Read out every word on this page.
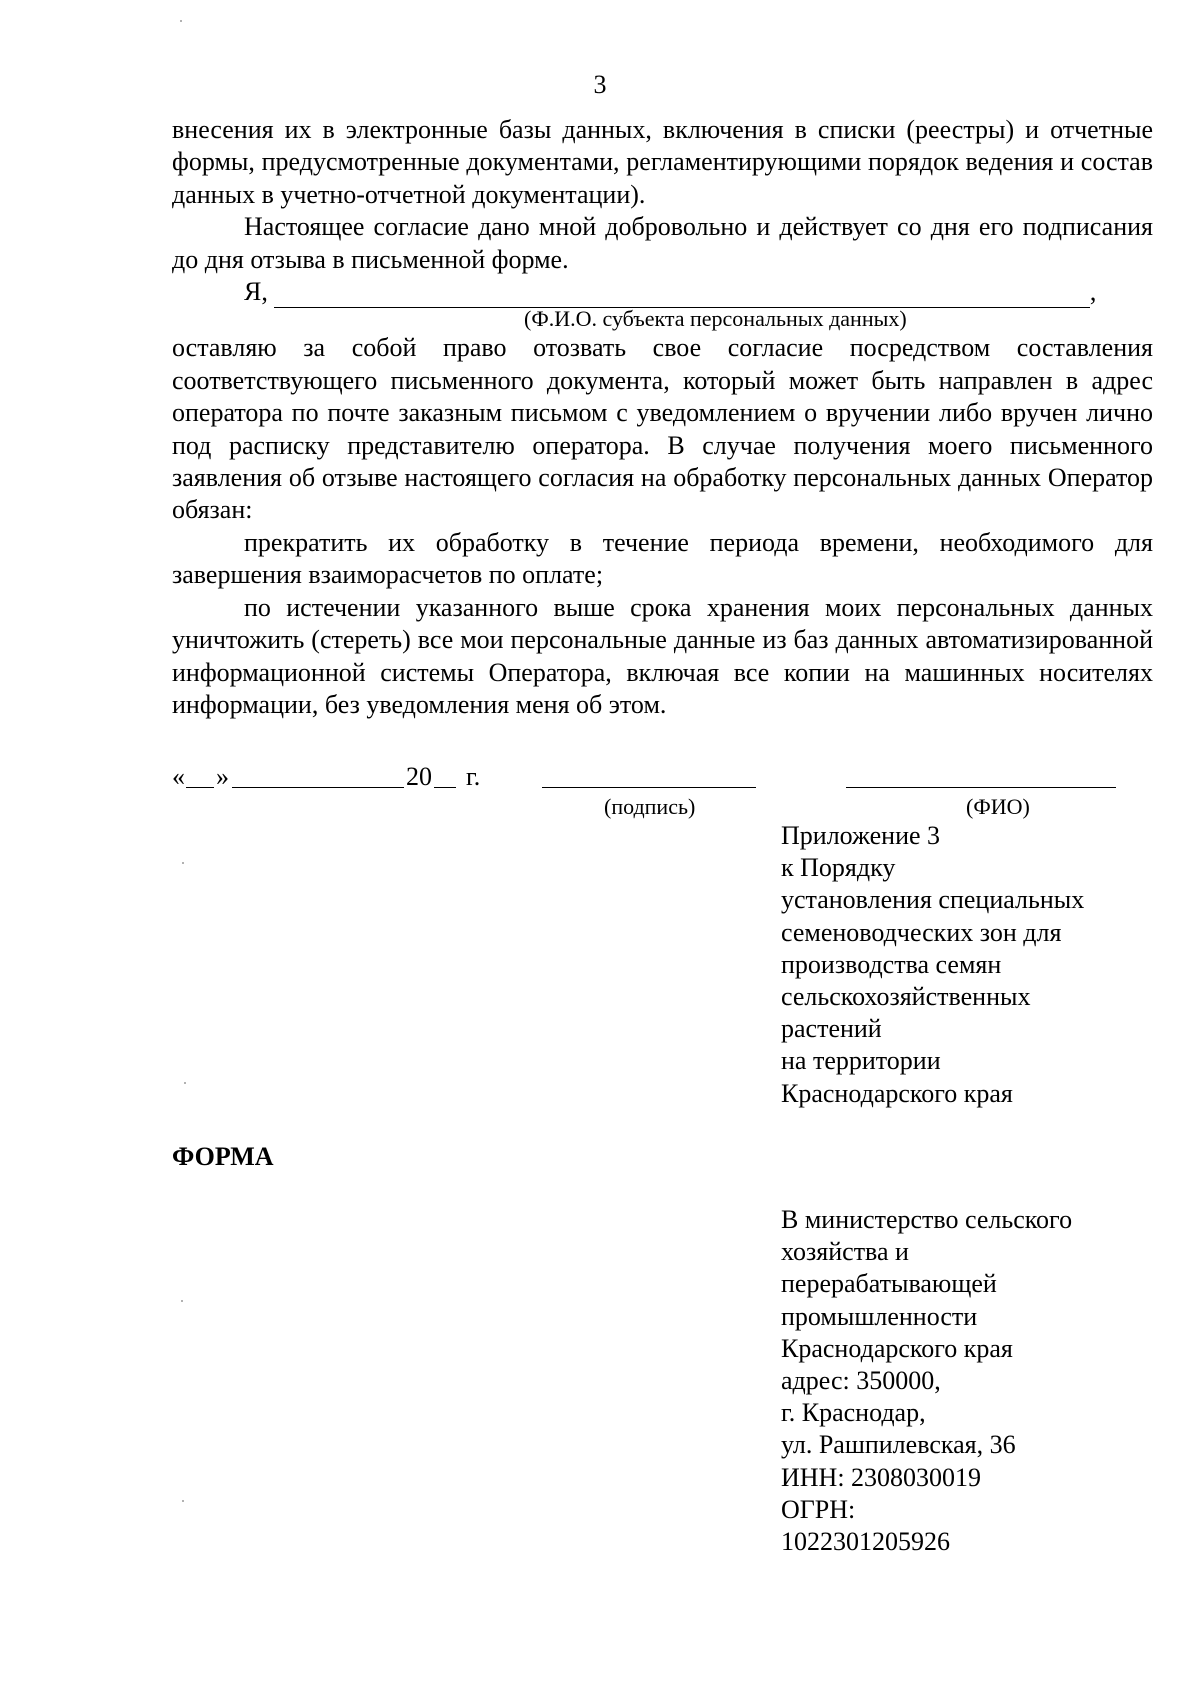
3

внесения их в электронные базы данных, включения в списки (реестры) и отчетные формы, предусмотренные документами, регламентирующими порядок ведения и состав данных в учетно-отчетной документации).

Настоящее согласие дано мной добровольно и действует со дня его подписания до дня отзыва в письменной форме.

Я,	,
(Ф.И.О. субъекта персональных данных)

оставляю за собой право отозвать свое согласие посредством составления соответствующего письменного документа, который может быть направлен в адрес оператора по почте заказным письмом с уведомлением о вручении либо вручен лично под расписку представителю оператора. В случае получения моего письменного заявления об отзыве настоящего согласия на обработку персональных данных Оператор обязан:

прекратить их обработку в течение периода времени, необходимого для завершения взаиморасчетов по оплате;

по истечении указанного выше срока хранения моих персональных данных уничтожить (стереть) все мои персональные данные из баз данных автоматизированной информационной системы Оператора, включая все копии на машинных носителях информации, без уведомления меня об этом.

« »	20 г.
(подпись)	(ФИО)
Приложение 3
к Порядку
установления специальных
семеноводческих зон для
производства семян
сельскохозяйственных
растений
на территории
Краснодарского края
ФОРМА
В министерство сельского
хозяйства и
перерабатывающей
промышленности
Краснодарского края
адрес: 350000,
г. Краснодар,
ул. Рашпилевская, 36
ИНН: 2308030019
ОГРН:
1022301205926
